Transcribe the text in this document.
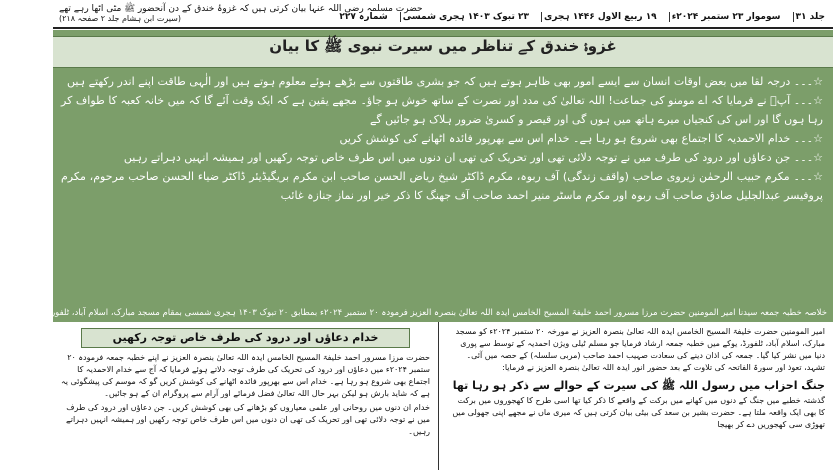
حضرت مسلمہ رضی اللہ عنہا بیان کرتی ہیں کہ غزوۂ خندق کے دن آنحضور ﷺ مٹی اٹھا رہے تھے
(سیرت ابن ہشام جلد ۲ صفحہ ۲۱۸)	جلد ۳۱
سوموار ۲۳ ستمبر ۲۰۲۴ء
۱۹ ربیع الاول ۱۴۴۶ ہجری
۲۳ تبوک ۱۴۰۳ ہجری شمسی
شمارہ ۲۲۷
غزوۂ خندق کے تناظر میں سیرت نبوی ﷺ کا بیان

☆۔۔۔ درجہ لقا میں بعض اوقات انسان سے ایسے امور بھی ظاہر ہوتے ہیں کہ جو بشری طاقتوں سے بڑھے ہوئے معلوم ہوتے ہیں اور الٰہی طاقت اپنے اندر رکھتے ہیں

☆۔۔۔ آپؐ نے فرمایا کہ اے مومنو کی جماعت! اللہ تعالیٰ کی مدد اور نصرت کے ساتھ خوش ہو جاؤ۔ مجھے یقین ہے کہ ایک وقت آئے گا کہ میں خانہ کعبہ کا طواف کر رہا ہوں گا اور اس کی کنجیاں میرے ہاتھ میں ہوں گی اور قیصر و کسریٰ ضرور ہلاک ہو جائیں گے

☆۔۔۔ خدام الاحمدیہ کا اجتماع بھی شروع ہو رہا ہے۔ خدام اس سے بھرپور فائدہ اٹھانے کی کوشش کریں

☆۔۔۔ جن دعاؤں اور درود کی طرف میں نے توجہ دلائی تھی اور تحریک کی تھی ان دنوں میں اس طرف خاص توجہ رکھیں اور ہمیشہ انہیں دہراتے رہیں

☆۔۔۔ مکرم حبیب الرحمٰن زیروی صاحب (واقف زندگی) آف ربوہ، مکرم ڈاکٹر شیخ ریاض الحسن صاحب ابن مکرم بریگیڈیئر ڈاکٹر ضیاء الحسن صاحب مرحوم، مکرم پروفیسر عبدالجلیل صادق صاحب آف ربوہ اور مکرم ماسٹر منیر احمد صاحب آف جھنگ کا ذکر خیر اور نماز جنازہ غائب

خلاصہ خطبہ جمعہ سیدنا امیر المومنین حضرت مرزا مسرور احمد خلیفۃ المسیح الخامس ایدہ اللہ تعالیٰ بنصرہ العزیز فرمودہ ۲۰ ستمبر ۲۰۲۴ء بمطابق ۲۰ تبوک ۱۴۰۳ ہجری شمسی بمقام مسجد مبارک، اسلام آباد، ٹلفورڈ (سرے)، یوکے

امیر المومنین حضرت خلیفۃ المسیح الخامس ایدہ اللہ تعالیٰ بنصرہ العزیز نے مورخہ ۲۰ ستمبر ۲۰۲۴ء کو مسجد مبارک، اسلام آباد، ٹلفورڈ، یوکے میں خطبہ جمعہ ارشاد فرمایا جو مسلم ٹیلی ویژن احمدیہ کے توسط سے پوری دنیا میں نشر کیا گیا۔ جمعہ کی اذان دینے کی سعادت صہیب احمد صاحب (مربی سلسلہ) کے حصہ میں آئی۔ تشہد، تعوذ اور سورۃ الفاتحہ کی تلاوت کے بعد حضور انور ایدہ اللہ تعالیٰ بنصرہ العزیز نے فرمایا:

جنگ احزاب میں رسول اللہ ﷺ کی سیرت کے حوالے سے ذکر ہو رہا تھا

گذشتہ خطبے میں جنگ کے دنوں میں کھانے میں برکت کے واقعے کا ذکر کیا تھا اسی طرح کا کھجوروں میں برکت کا بھی ایک واقعہ ملتا ہے۔ حضرت بشیر بن سعد کی بیٹی بیان کرتی ہیں کہ میری ماں نے مجھے اپنی جھولی میں تھوڑی سی کھجوریں دے کر بھیجا

خدام دعاؤں اور درود کی طرف خاص توجہ رکھیں

حضرت مرزا مسرور احمد خلیفۃ المسیح الخامس ایدہ اللہ تعالیٰ بنصرہ العزیز نے اپنے خطبہ جمعہ فرمودہ ۲۰ ستمبر ۲۰۲۴ء میں دعاؤں اور درود کی تحریک کی طرف توجہ دلاتے ہوئے فرمایا کہ آج سے خدام الاحمدیہ کا اجتماع بھی شروع ہو رہا ہے۔ خدام اس سے بھرپور فائدہ اٹھانے کی کوشش کریں گو کہ موسم کی پیشگوئی یہ ہے کہ شاید بارش ہو لیکن بہر حال اللہ تعالیٰ فضل فرمائے اور آرام سے پروگرام ان کے ہو جائیں۔

خدام ان دنوں میں روحانی اور علمی معیاروں کو بڑھانے کی بھی کوشش کریں۔ جن دعاؤں اور درود کی طرف میں نے توجہ دلائی تھی اور تحریک کی تھی ان دنوں میں اس طرف خاص توجہ رکھیں اور ہمیشہ انہیں دہراتے رہیں۔
